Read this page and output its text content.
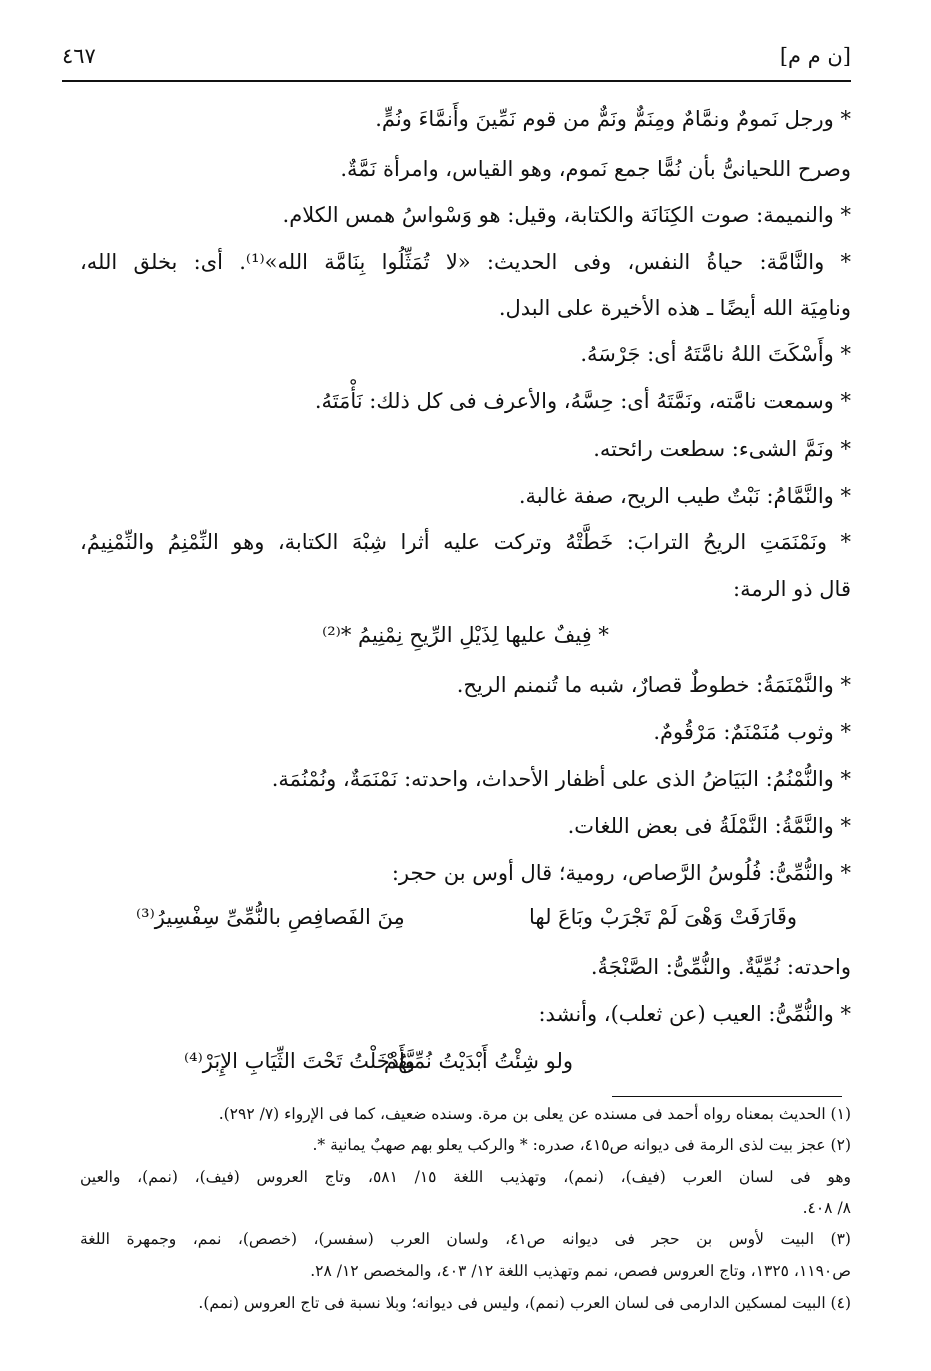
[ن م م]
٤٦٧
* ورجل نَمومٌ ونمَّامٌ ومِنَمٌّ ونَمٌّ من قوم نَمِّينَ وأَنمَّاءَ ونُمٍّ.
وصرح اللحيانىُّ بأن نُمًّا جمع نَموم، وهو القياس، وامرأة نَمَّةٌ.
* والنميمة: صوت الكِنَانَة والكتابة، وقيل: هو وَسْواسُ همس الكلام.
* والنَّامَّة: حياةُ النفس، وفى الحديث: «لا تُمَثِّلُوا بِنَامَّة الله»⁽¹⁾. أى: بخلق الله،
ونامِيَة الله أيضًا ـ هذه الأخيرة على البدل.
* وأَسْكَتَ اللهُ نامَّتَهُ أى: جَرْسَهُ.
* وسمعت نامَّته، ونَمَّتَهُ أى: حِسَّهُ، والأعرف فى كل ذلك: نَأْمَتَهُ.
* ونَمَّ الشىء: سطعت رائحته.
* والنَّمَّامُ: نَبْتٌ طيب الريح، صفة غالبة.
* ونَمْنَمَتِ الريحُ الترابَ: خَطَّتْهُ وتركت عليه أثرا شِبْهَ الكتابة، وهو النِّمْنِمُ والنِّمْنِيمُ،
قال ذو الرمة:
* فِيفٌ عليها لِذَيْلِ الرِّيحِ نِمْنِيمُ *⁽²⁾
* والنَّمْنَمَةُ: خطوطٌ قصارٌ، شبه ما تُنمنم الريح.
* وثوب مُنَمْنَمٌ: مَرْقُومٌ.
* والنُّمْنُمُ: البَيَاضُ الذى على أظفار الأحداث، واحدته: نَمْنَمَةٌ، ونُمْنُمَة.
* والنَّمَّةُ: النَّمْلَةُ فى بعض اللغات.
* والنُّمِّىُّ: فُلُوسُ الرَّصاص، رومية؛ قال أوس بن حجر:
وقَارَفَتْ وَهْىَ لَمْ تَجْرَبْ وبَاعَ لها
مِنَ الفَصافِصِ بالنُّمِّىِّ سِفْسِيرُ⁽³⁾
واحدته: نُمِّيَّةٌ. والنُّمِّىُّ: الصَّنْجَةُ.
* والنُّمِّىُّ: العيب (عن ثعلب)، وأنشد:
ولو شِئْتُ أَبْدَيْتُ نُمِّيَّهُمْ
وأَدْخَلْتُ تَحْتَ الثِّيَابِ الإِبَرْ⁽⁴⁾
(١) الحديث بمعناه رواه أحمد فى مسنده عن يعلى بن مرة. وسنده ضعيف، كما فى الإرواء (٧/ ٢٩٢).
(٢) عجز بيت لذى الرمة فى ديوانه ص٤١٥، صدره: * والركب يعلو بهم صهبٌ يمانية *.
وهو فى لسان العرب (فيف)، (نمم)، وتهذيب اللغة ١٥/ ٥٨١، وتاج العروس (فيف)، (نمم)، والعين
٨/ ٤٠٨.
(٣) البيت لأوس بن حجر فى ديوانه ص٤١، ولسان العرب (سفسر)، (خصص)، نمم، وجمهرة اللغة
ص١١٩٠، ١٣٢٥، وتاج العروس فصص، نمم وتهذيب اللغة ١٢/ ٤٠٣، والمخصص ١٢/ ٢٨.
(٤) البيت لمسكين الدارمى فى لسان العرب (نمم)، وليس فى ديوانه؛ وبلا نسبة فى تاج العروس (نمم).
